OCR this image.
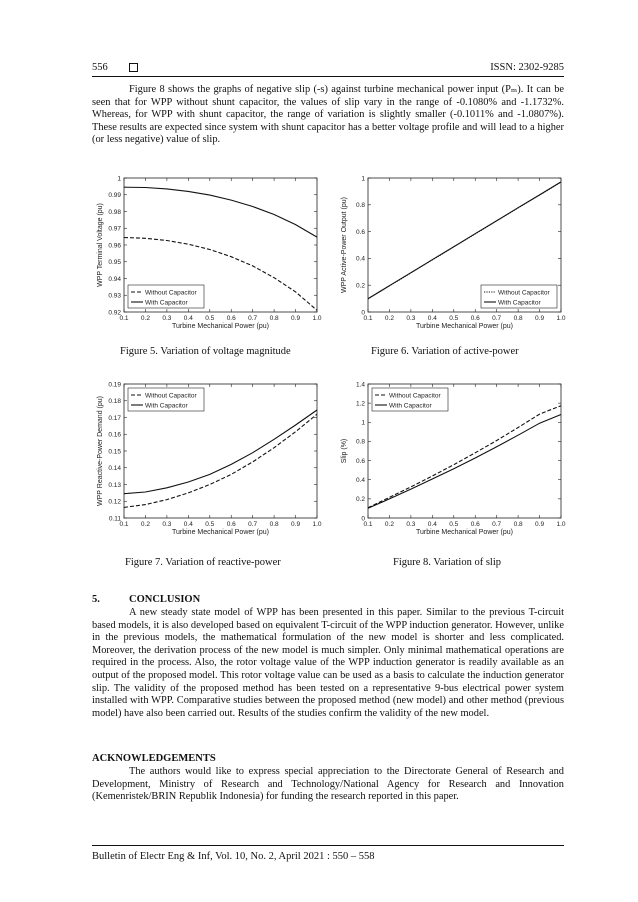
556	ISSN: 2302-9285

Figure 8 shows the graphs of negative slip (-s) against turbine mechanical power input (Pₘ). It can be seen that for WPP without shunt capacitor, the values of slip vary in the range of -0.1080% and -1.1732%. Whereas, for WPP with shunt capacitor, the range of variation is slightly smaller (-0.1011% and -1.0807%). These results are expected since system with shunt capacitor has a better voltage profile and will lead to a higher (or less negative) value of slip.

0.1 0.2 0.3 0.4 0.5 0.6 0.7 0.8 0.9 1.0
0.92
0.93
0.94
0.95
0.96
0.97
0.98
0.99
1
Turbine Mechanical Power (pu)
WPP Terminal Voltage (pu)
Without Capacitor
With Capacitor
0.1 0.2 0.3 0.4 0.5 0.6 0.7 0.8 0.9 1.0
0
0.2
0.4
0.6
0.8
1
Turbine Mechanical Power (pu)
WPP Active-Power Output (pu)	Without Capacitor
With Capacitor
0.1 0.2 0.3 0.4 0.5 0.6 0.7 0.8 0.9 1.0
0.11
0.12
0.13
0.14
0.15
0.16
0.17
0.18
0.19
Turbine Mechanical Power (pu)
WPP Reactive-Power Demand (pu)
Without Capacitor
With Capacitor
0.1 0.2 0.3 0.4 0.5 0.6 0.7 0.8 0.9 1.0
0
0.2
0.4
0.6
0.8
1
1.2
1.4
Turbine Mechanical Power (pu)
Slip (%)
Without Capacitor
With Capacitor
Figure 5. Variation of voltage magnitude	Figure 6. Variation of active-power
Figure 7. Variation of reactive-power	Figure 8. Variation of slip
5.	CONCLUSION

A new steady state model of WPP has been presented in this paper. Similar to the previous T-circuit based models, it is also developed based on equivalent T-circuit of the WPP induction generator. However, unlike in the previous models, the mathematical formulation of the new model is shorter and less complicated. Moreover, the derivation process of the new model is much simpler. Only minimal mathematical operations are required in the process. Also, the rotor voltage value of the WPP induction generator is readily available as an output of the proposed model. This rotor voltage value can be used as a basis to calculate the induction generator slip. The validity of the proposed method has been tested on a representative 9-bus electrical power system installed with WPP. Comparative studies between the proposed method (new model) and other method (previous model) have also been carried out. Results of the studies confirm the validity of the new model.

ACKNOWLEDGEMENTS

The authors would like to express special appreciation to the Directorate General of Research and Development, Ministry of Research and Technology/National Agency for Research and Innovation (Kemenristek/BRIN Republik Indonesia) for funding the research reported in this paper.

Bulletin of Electr Eng & Inf, Vol. 10, No. 2, April 2021 : 550 – 558
